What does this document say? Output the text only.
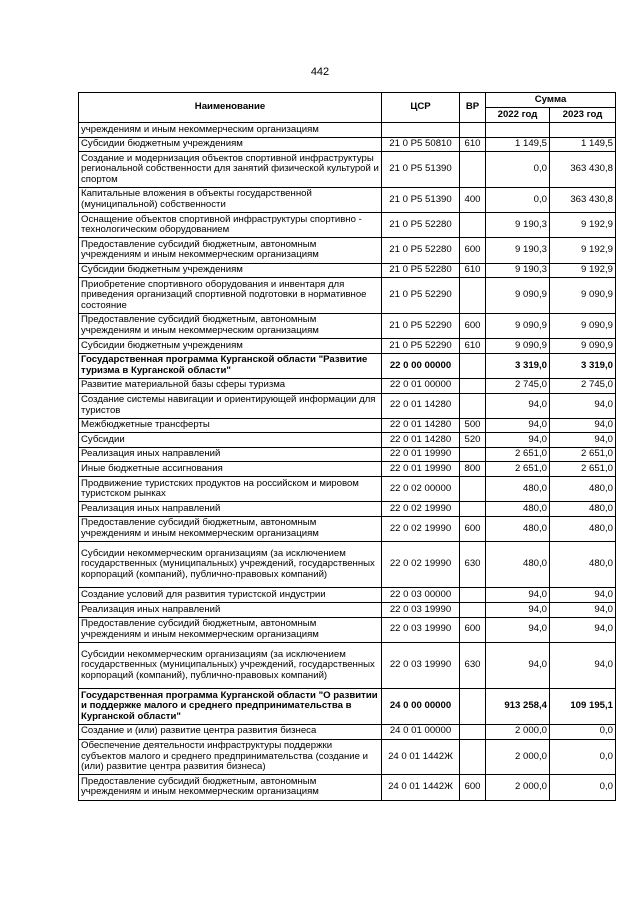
442
Наименование	ЦСР	ВР	Сумма	
			2022 год	2023 год
учреждениям и иным некоммерческим организациям				
Субсидии бюджетным учреждениям	21 0 P5 50810	610	1 149,5	1 149,5
Создание и модернизация объектов спортивной инфраструктуры региональной собственности для занятий физической культурой и спортом	21 0 P5 51390		0,0	363 430,8
Капитальные вложения в объекты государственной (муниципальной) собственности	21 0 P5 51390	400	0,0	363 430,8
Оснащение объектов спортивной инфраструктуры спортивно - технологическим оборудованием	21 0 P5 52280		9 190,3	9 192,9
Предоставление субсидий бюджетным, автономным учреждениям и иным некоммерческим организациям	21 0 P5 52280	600	9 190,3	9 192,9
Субсидии бюджетным учреждениям	21 0 P5 52280	610	9 190,3	9 192,9
Приобретение спортивного оборудования и инвентаря для приведения организаций спортивной подготовки в нормативное состояние	21 0 P5 52290		9 090,9	9 090,9
Предоставление субсидий бюджетным, автономным учреждениям и иным некоммерческим организациям	21 0 P5 52290	600	9 090,9	9 090,9
Субсидии бюджетным учреждениям	21 0 P5 52290	610	9 090,9	9 090,9
Государственная программа Курганской области "Развитие туризма в Курганской области"	22 0 00 00000		3 319,0	3 319,0
Развитие материальной базы сферы туризма	22 0 01 00000		2 745,0	2 745,0
Создание системы навигации и ориентирующей информации для туристов	22 0 01 14280		94,0	94,0
Межбюджетные трансферты	22 0 01 14280	500	94,0	94,0
Субсидии	22 0 01 14280	520	94,0	94,0
Реализация иных направлений	22 0 01 19990		2 651,0	2 651,0
Иные бюджетные ассигнования	22 0 01 19990	800	2 651,0	2 651,0
Продвижение туристских продуктов на российском и мировом туристском рынках	22 0 02 00000		480,0	480,0
Реализация иных направлений	22 0 02 19990		480,0	480,0
Предоставление субсидий бюджетным, автономным учреждениям и иным некоммерческим организациям	22 0 02 19990	600	480,0	480,0
Субсидии некоммерческим организациям (за исключением государственных (муниципальных) учреждений, государственных корпораций (компаний), публично-правовых компаний)	22 0 02 19990	630	480,0	480,0
Создание условий для развития туристской индустрии	22 0 03 00000		94,0	94,0
Реализация иных направлений	22 0 03 19990		94,0	94,0
Предоставление субсидий бюджетным, автономным учреждениям и иным некоммерческим организациям	22 0 03 19990	600	94,0	94,0
Субсидии некоммерческим организациям (за исключением государственных (муниципальных) учреждений, государственных корпораций (компаний), публично-правовых компаний)	22 0 03 19990	630	94,0	94,0
Государственная программа Курганской области "О развитии и поддержке малого и среднего предпринимательства в Курганской области"	24 0 00 00000		913 258,4	109 195,1
Создание и (или) развитие центра развития бизнеса	24 0 01 00000		2 000,0	0,0
Обеспечение деятельности инфраструктуры поддержки субъектов малого и среднего предпринимательства (создание и (или) развитие центра развития бизнеса)	24 0 01 1442Ж		2 000,0	0,0
Предоставление субсидий бюджетным, автономным учреждениям и иным некоммерческим организациям	24 0 01 1442Ж	600	2 000,0	0,0
